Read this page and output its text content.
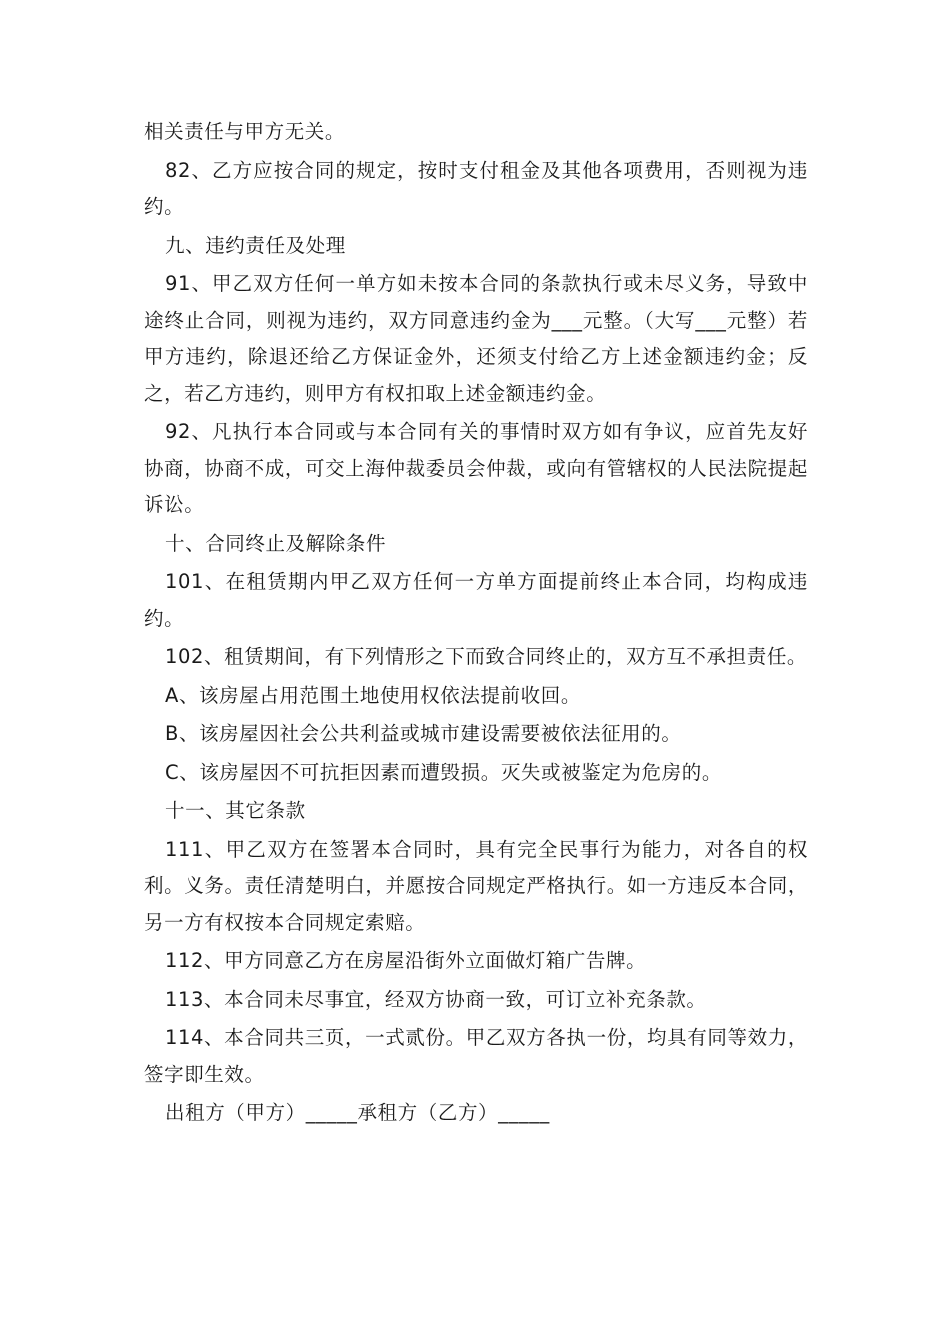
相关责任与甲方无关。

82、乙方应按合同的规定，按时支付租金及其他各项费用，否则视为违约。

九、违约责任及处理

91、甲乙双方任何一单方如未按本合同的条款执行或未尽义务，导致中途终止合同，则视为违约，双方同意违约金为___元整。（大写___元整）若甲方违约，除退还给乙方保证金外，还须支付给乙方上述金额违约金；反之，若乙方违约，则甲方有权扣取上述金额违约金。

92、凡执行本合同或与本合同有关的事情时双方如有争议，应首先友好协商，协商不成，可交上海仲裁委员会仲裁，或向有管辖权的人民法院提起诉讼。

十、合同终止及解除条件

101、在租赁期内甲乙双方任何一方单方面提前终止本合同，均构成违约。

102、租赁期间，有下列情形之下而致合同终止的，双方互不承担责任。

A、该房屋占用范围土地使用权依法提前收回。

B、该房屋因社会公共利益或城市建设需要被依法征用的。

C、该房屋因不可抗拒因素而遭毁损。灭失或被鉴定为危房的。

十一、其它条款

111、甲乙双方在签署本合同时，具有完全民事行为能力，对各自的权利。义务。责任清楚明白，并愿按合同规定严格执行。如一方违反本合同，另一方有权按本合同规定索赔。

112、甲方同意乙方在房屋沿街外立面做灯箱广告牌。

113、本合同未尽事宜，经双方协商一致，可订立补充条款。

114、本合同共三页，一式贰份。甲乙双方各执一份，均具有同等效力，签字即生效。

出租方（甲方）_____承租方（乙方）_____
